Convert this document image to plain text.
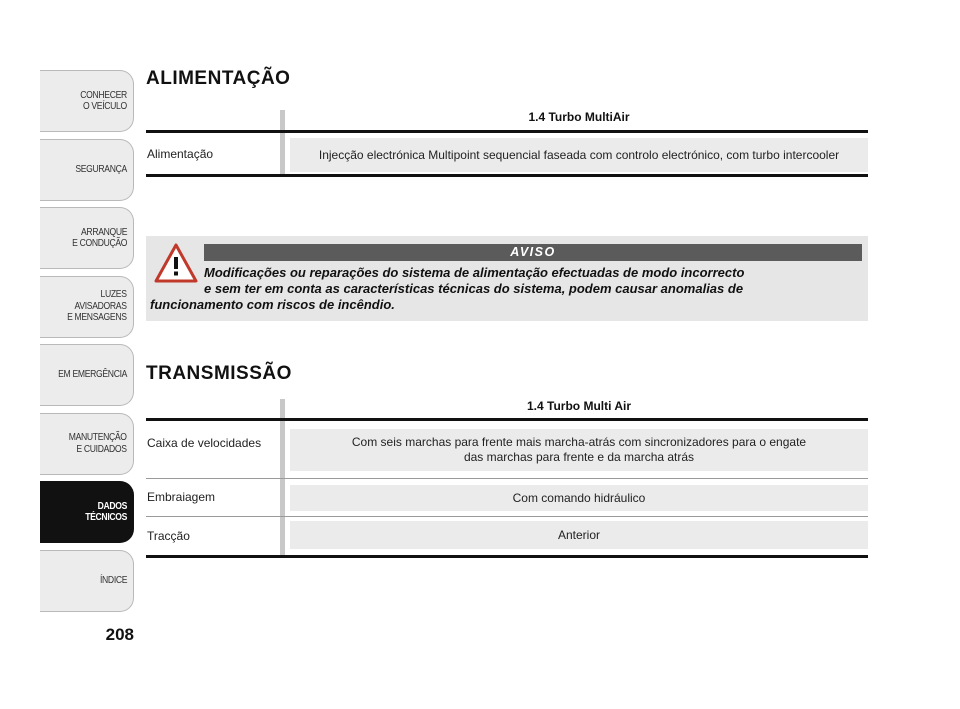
CONHECER
O VEÍCULO
SEGURANÇA
ARRANQUE
E CONDUÇÃO
LUZES
AVISADORAS
E MENSAGENS
EM EMERGÊNCIA
MANUTENÇÃO
E CUIDADOS
DADOS
TÉCNICOS
ÍNDICE
208
ALIMENTAÇÃO
1.4 Turbo MultiAir
Alimentação	Injecção electrónica Multipoint sequencial faseada com controlo electrónico, com turbo intercooler
AVISO
Modificações ou reparações do sistema de alimentação efectuadas de modo incorrecto
e sem ter em conta as características técnicas do sistema, podem causar anomalias de
funcionamento com riscos de incêndio.
TRANSMISSÃO
1.4 Turbo Multi Air
Caixa de velocidades	Com seis marchas para frente mais marcha-atrás com sincronizadores para o engate
das marchas para frente e da marcha atrás
Embraiagem	Com comando hidráulico
Tracção	Anterior
